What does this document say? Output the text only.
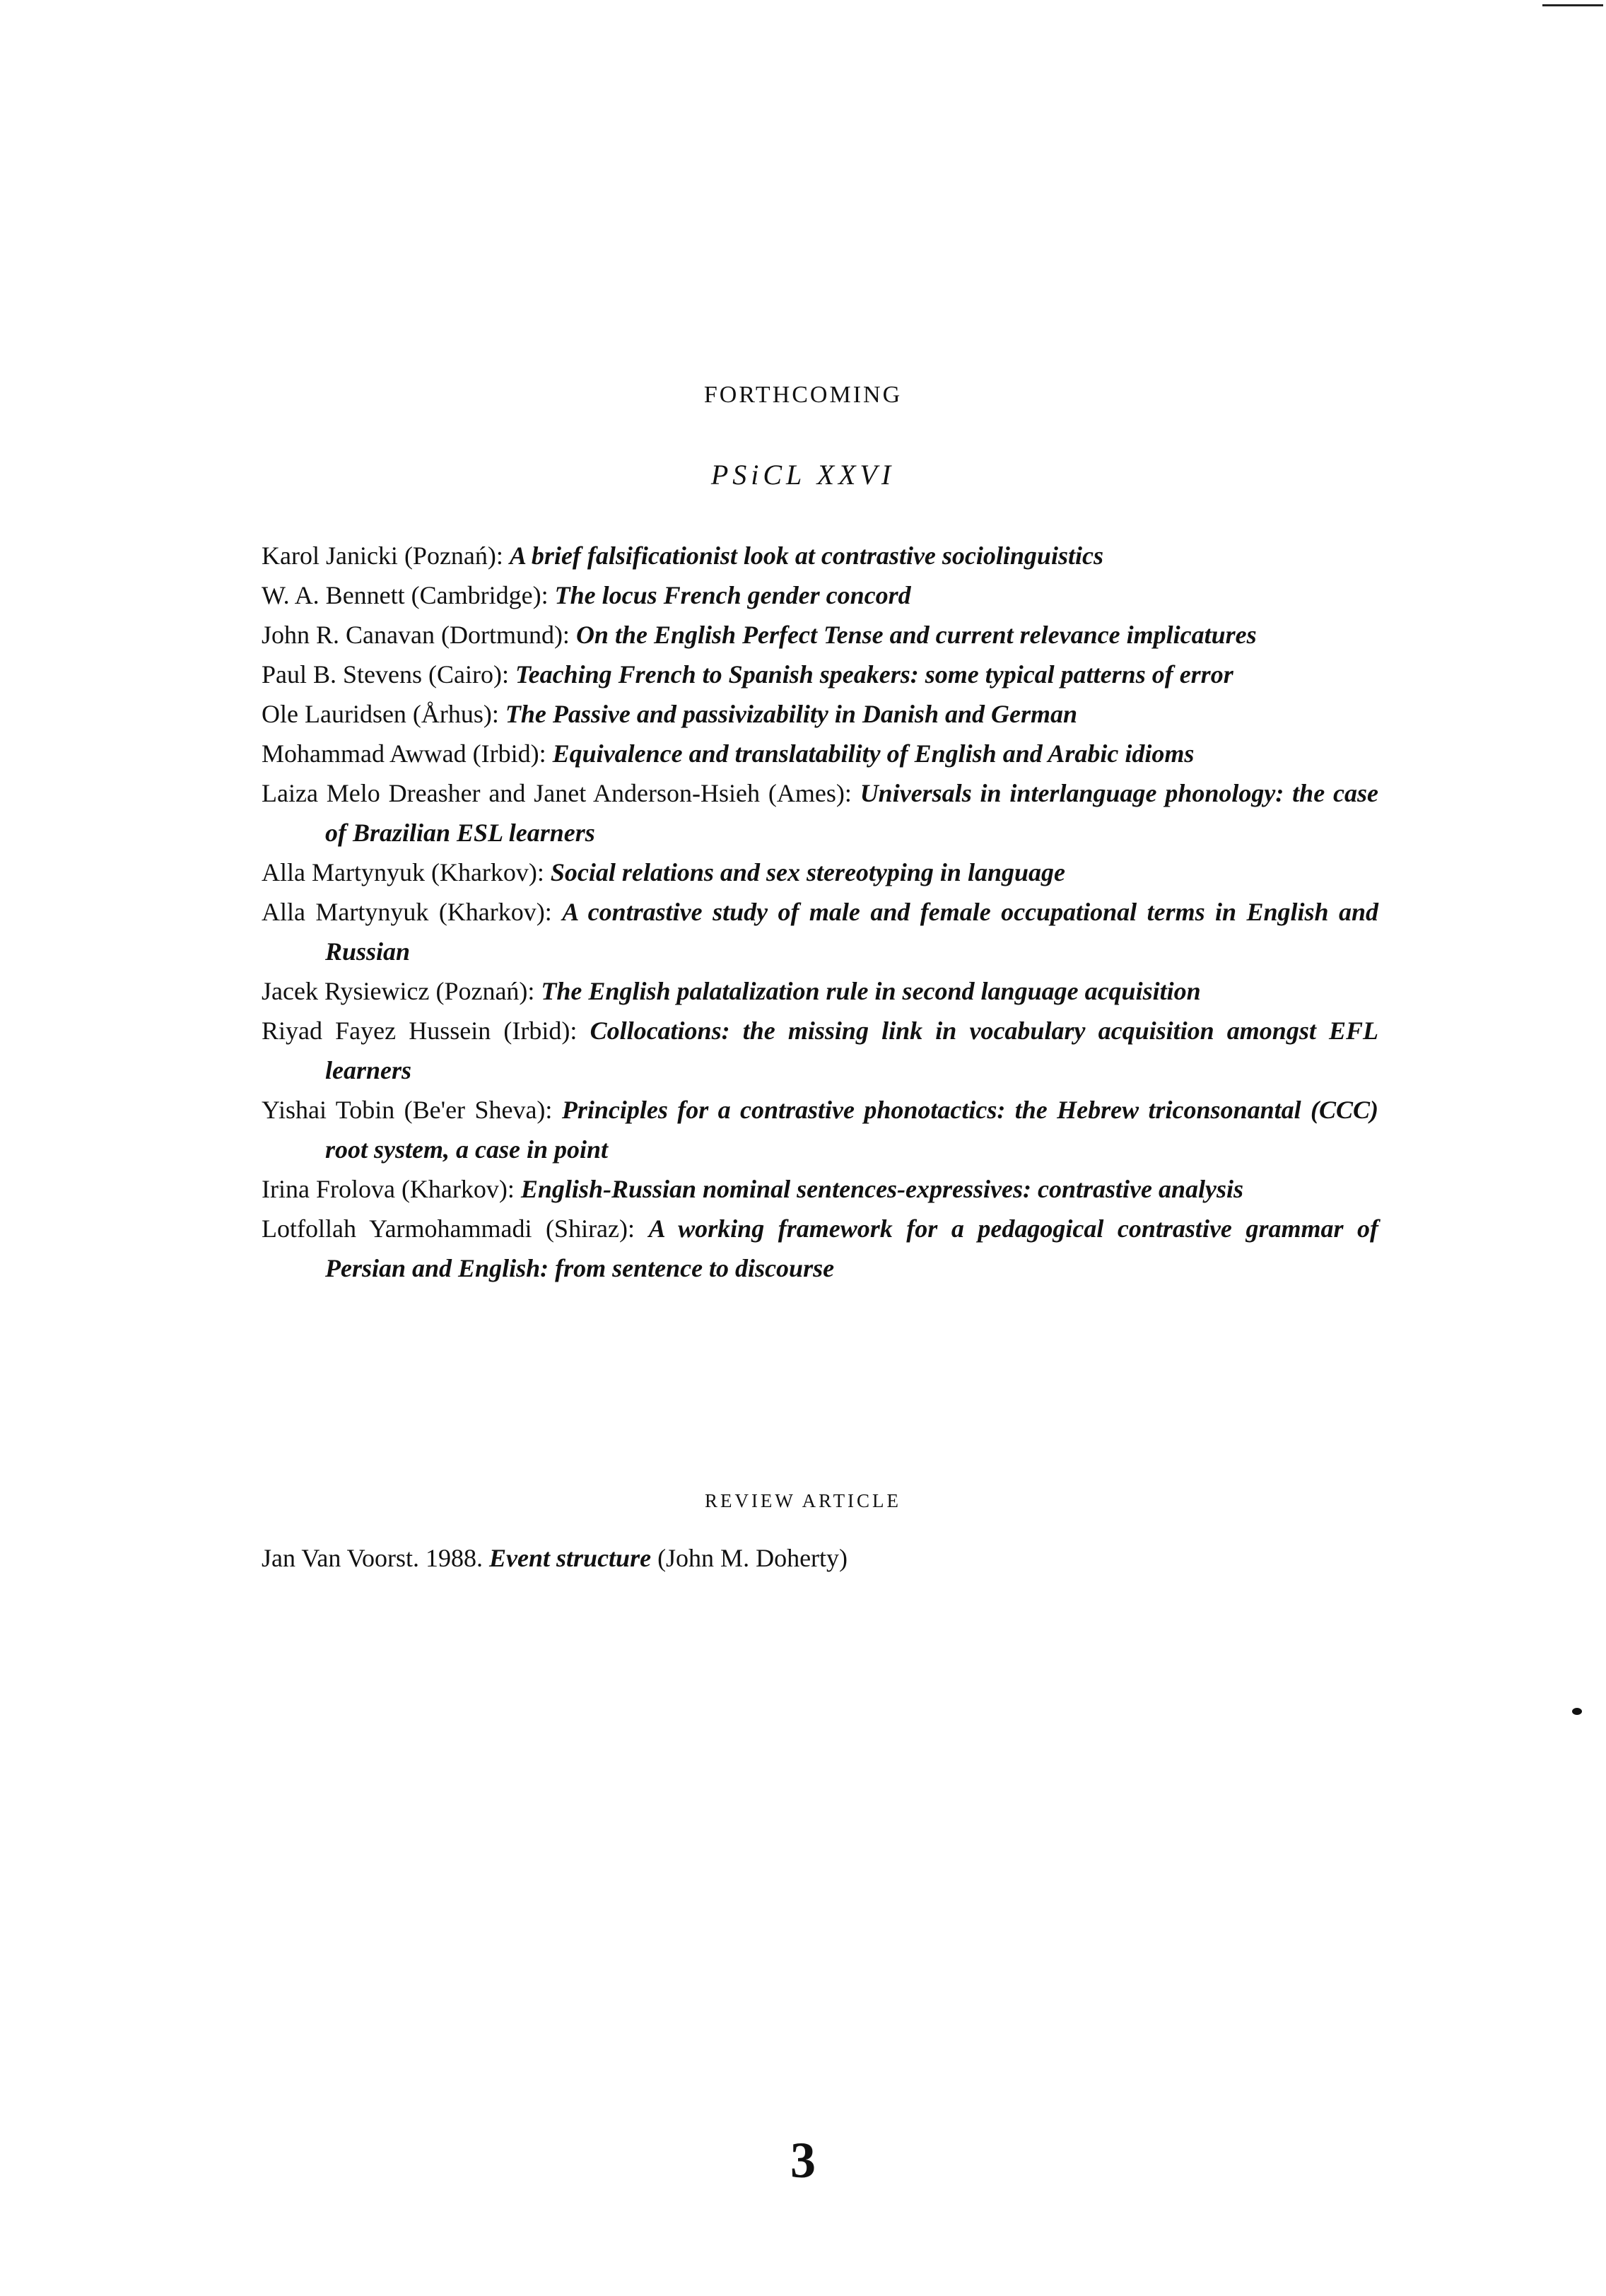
FORTHCOMING
PSiCL XXVI
Karol Janicki (Poznań): A brief falsificationist look at contrastive sociolinguistics
W. A. Bennett (Cambridge): The locus French gender concord
John R. Canavan (Dortmund): On the English Perfect Tense and current relevance implicatures
Paul B. Stevens (Cairo): Teaching French to Spanish speakers: some typical patterns of error
Ole Lauridsen (Århus): The Passive and passivizability in Danish and German
Mohammad Awwad (Irbid): Equivalence and translatability of English and Arabic idioms
Laiza Melo Dreasher and Janet Anderson-Hsieh (Ames): Universals in interlanguage phonology: the case of Brazilian ESL learners
Alla Martynyuk (Kharkov): Social relations and sex stereotyping in language
Alla Martynyuk (Kharkov): A contrastive study of male and female occupational terms in English and Russian
Jacek Rysiewicz (Poznań): The English palatalization rule in second language acquisition
Riyad Fayez Hussein (Irbid): Collocations: the missing link in vocabulary acquisition amongst EFL learners
Yishai Tobin (Be'er Sheva): Principles for a contrastive phonotactics: the Hebrew triconsonantal (CCC) root system, a case in point
Irina Frolova (Kharkov): English-Russian nominal sentences-expressives: contrastive analysis
Lotfollah Yarmohammadi (Shiraz): A working framework for a pedagogical contrastive grammar of Persian and English: from sentence to discourse
REVIEW ARTICLE
Jan Van Voorst. 1988. Event structure (John M. Doherty)
3
